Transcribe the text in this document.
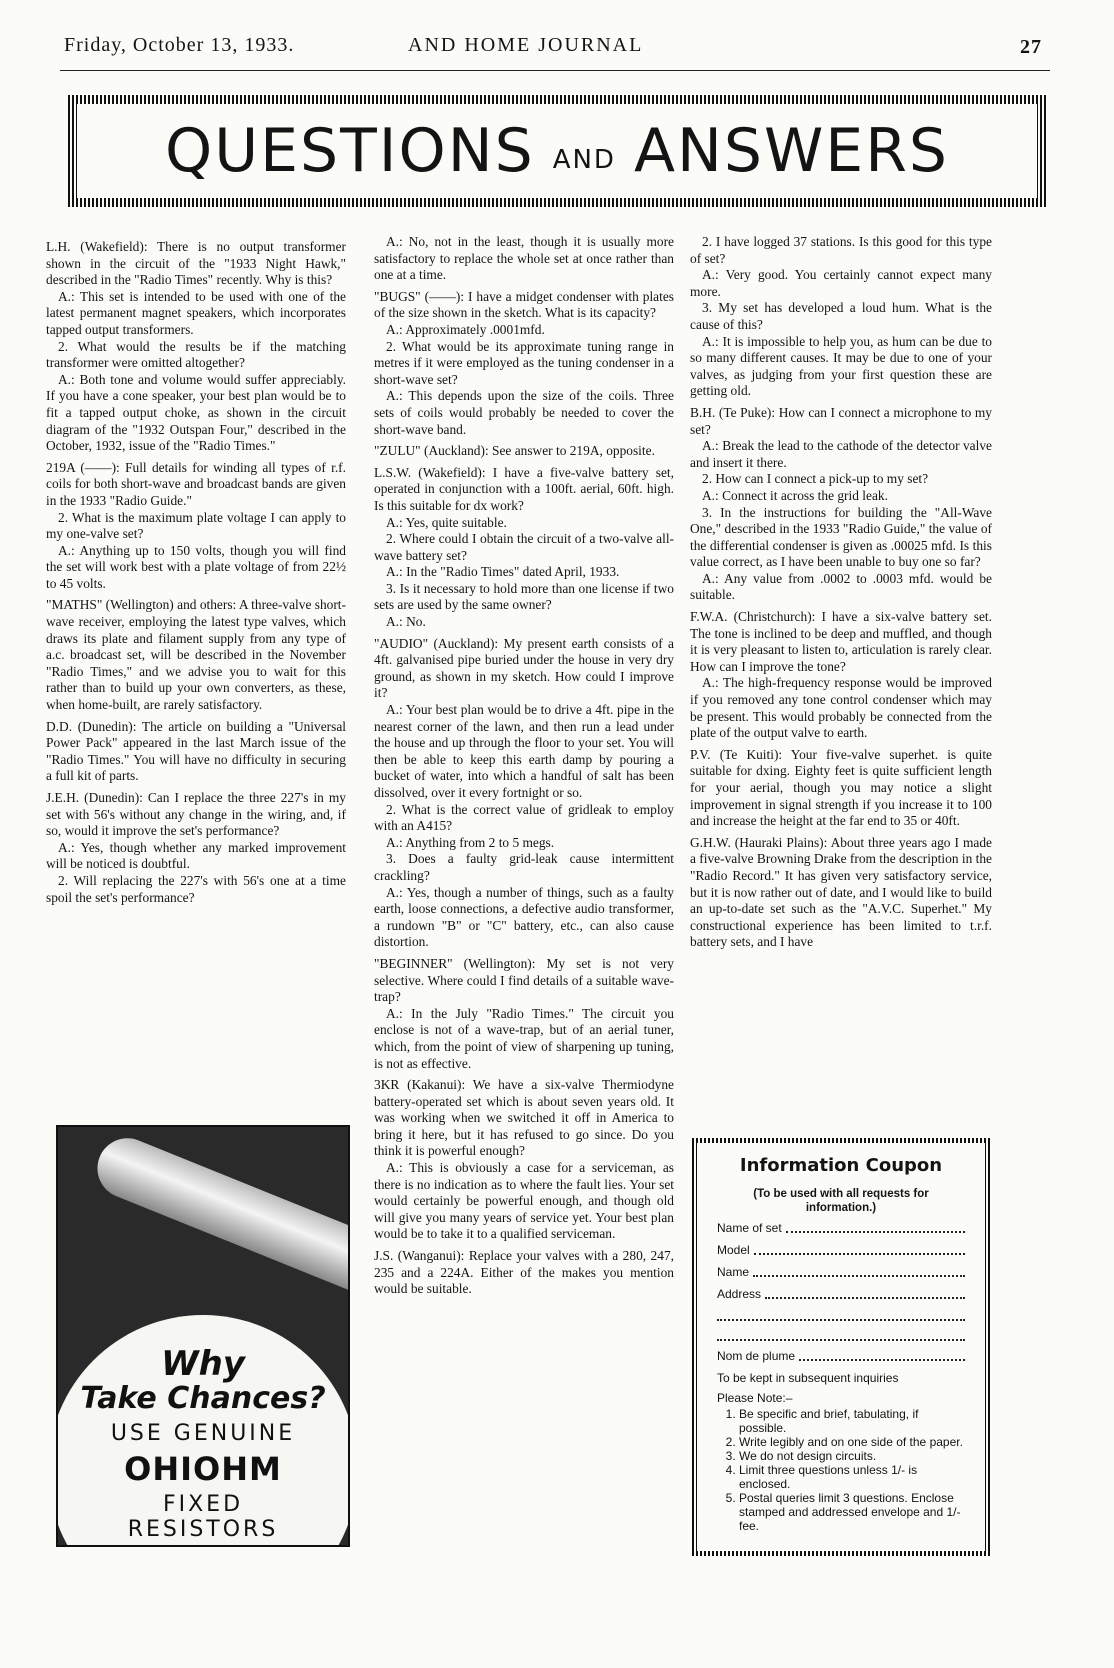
Friday, October 13, 1933.	AND HOME JOURNAL	27
QUESTIONS AND ANSWERS

L.H. (Wakefield): There is no output transformer shown in the circuit of the "1933 Night Hawk," described in the "Radio Times" recently. Why is this?

A.: This set is intended to be used with one of the latest permanent magnet speakers, which incorporates tapped output transformers.

2. What would the results be if the matching transformer were omitted altogether?

A.: Both tone and volume would suffer appreciably. If you have a cone speaker, your best plan would be to fit a tapped output choke, as shown in the circuit diagram of the "1932 Outspan Four," described in the October, 1932, issue of the "Radio Times."

219A (——): Full details for winding all types of r.f. coils for both short-wave and broadcast bands are given in the 1933 "Radio Guide."

2. What is the maximum plate voltage I can apply to my one-valve set?

A.: Anything up to 150 volts, though you will find the set will work best with a plate voltage of from 22½ to 45 volts.

"MATHS" (Wellington) and others: A three-valve short-wave receiver, employing the latest type valves, which draws its plate and filament supply from any type of a.c. broadcast set, will be described in the November "Radio Times," and we advise you to wait for this rather than to build up your own converters, as these, when home-built, are rarely satisfactory.

D.D. (Dunedin): The article on building a "Universal Power Pack" appeared in the last March issue of the "Radio Times." You will have no difficulty in securing a full kit of parts.

J.E.H. (Dunedin): Can I replace the three 227's in my set with 56's without any change in the wiring, and, if so, would it improve the set's performance?

A.: Yes, though whether any marked improvement will be noticed is doubtful.

2. Will replacing the 227's with 56's one at a time spoil the set's performance?

A.: No, not in the least, though it is usually more satisfactory to replace the whole set at once rather than one at a time.

"BUGS" (——): I have a midget condenser with plates of the size shown in the sketch. What is its capacity?

A.: Approximately .0001mfd.

2. What would be its approximate tuning range in metres if it were employed as the tuning condenser in a short-wave set?

A.: This depends upon the size of the coils. Three sets of coils would probably be needed to cover the short-wave band.

"ZULU" (Auckland): See answer to 219A, opposite.

L.S.W. (Wakefield): I have a five-valve battery set, operated in conjunction with a 100ft. aerial, 60ft. high. Is this suitable for dx work?

A.: Yes, quite suitable.

2. Where could I obtain the circuit of a two-valve all-wave battery set?

A.: In the "Radio Times" dated April, 1933.

3. Is it necessary to hold more than one license if two sets are used by the same owner?

A.: No.

"AUDIO" (Auckland): My present earth consists of a 4ft. galvanised pipe buried under the house in very dry ground, as shown in my sketch. How could I improve it?

A.: Your best plan would be to drive a 4ft. pipe in the nearest corner of the lawn, and then run a lead under the house and up through the floor to your set. You will then be able to keep this earth damp by pouring a bucket of water, into which a handful of salt has been dissolved, over it every fortnight or so.

2. What is the correct value of gridleak to employ with an A415?

A.: Anything from 2 to 5 megs.

3. Does a faulty grid-leak cause intermittent crackling?

A.: Yes, though a number of things, such as a faulty earth, loose connections, a defective audio transformer, a rundown "B" or "C" battery, etc., can also cause distortion.

"BEGINNER" (Wellington): My set is not very selective. Where could I find details of a suitable wave-trap?

A.: In the July "Radio Times." The circuit you enclose is not of a wave-trap, but of an aerial tuner, which, from the point of view of sharpening up tuning, is not as effective.

3KR (Kakanui): We have a six-valve Thermiodyne battery-operated set which is about seven years old. It was working when we switched it off in America to bring it here, but it has refused to go since. Do you think it is powerful enough?

A.: This is obviously a case for a serviceman, as there is no indication as to where the fault lies. Your set would certainly be powerful enough, and though old will give you many years of service yet. Your best plan would be to take it to a qualified serviceman.

J.S. (Wanganui): Replace your valves with a 280, 247, 235 and a 224A. Either of the makes you mention would be suitable.

2. I have logged 37 stations. Is this good for this type of set?

A.: Very good. You certainly cannot expect many more.

3. My set has developed a loud hum. What is the cause of this?

A.: It is impossible to help you, as hum can be due to so many different causes. It may be due to one of your valves, as judging from your first question these are getting old.

B.H. (Te Puke): How can I connect a microphone to my set?

A.: Break the lead to the cathode of the detector valve and insert it there.

2. How can I connect a pick-up to my set?

A.: Connect it across the grid leak.

3. In the instructions for building the "All-Wave One," described in the 1933 "Radio Guide," the value of the differential condenser is given as .00025 mfd. Is this value correct, as I have been unable to buy one so far?

A.: Any value from .0002 to .0003 mfd. would be suitable.

F.W.A. (Christchurch): I have a six-valve battery set. The tone is inclined to be deep and muffled, and though it is very pleasant to listen to, articulation is rarely clear. How can I improve the tone?

A.: The high-frequency response would be improved if you removed any tone control condenser which may be present. This would probably be connected from the plate of the output valve to earth.

P.V. (Te Kuiti): Your five-valve superhet. is quite suitable for dxing. Eighty feet is quite sufficient length for your aerial, though you may notice a slight improvement in signal strength if you increase it to 100 and increase the height at the far end to 35 or 40ft.

G.H.W. (Hauraki Plains): About three years ago I made a five-valve Browning Drake from the description in the "Radio Record." It has given very satisfactory service, but it is now rather out of date, and I would like to build an up-to-date set such as the "A.V.C. Superhet." My constructional experience has been limited to t.r.f. battery sets, and I have

Why
Take Chances?
USE GENUINE
OHIOHM
FIXED
RESISTORS
Information Coupon
(To be used with all requests for information.)
Name of set
Model
Name
Address
Nom de plume
To be kept in subsequent inquiries
Please Note:–
1. Be specific and brief, tabulating, if possible.
2. Write legibly and on one side of the paper.
3. We do not design circuits.
4. Limit three questions unless 1/- is enclosed.
5. Postal queries limit 3 questions. Enclose stamped and addressed envelope and 1/- fee.
